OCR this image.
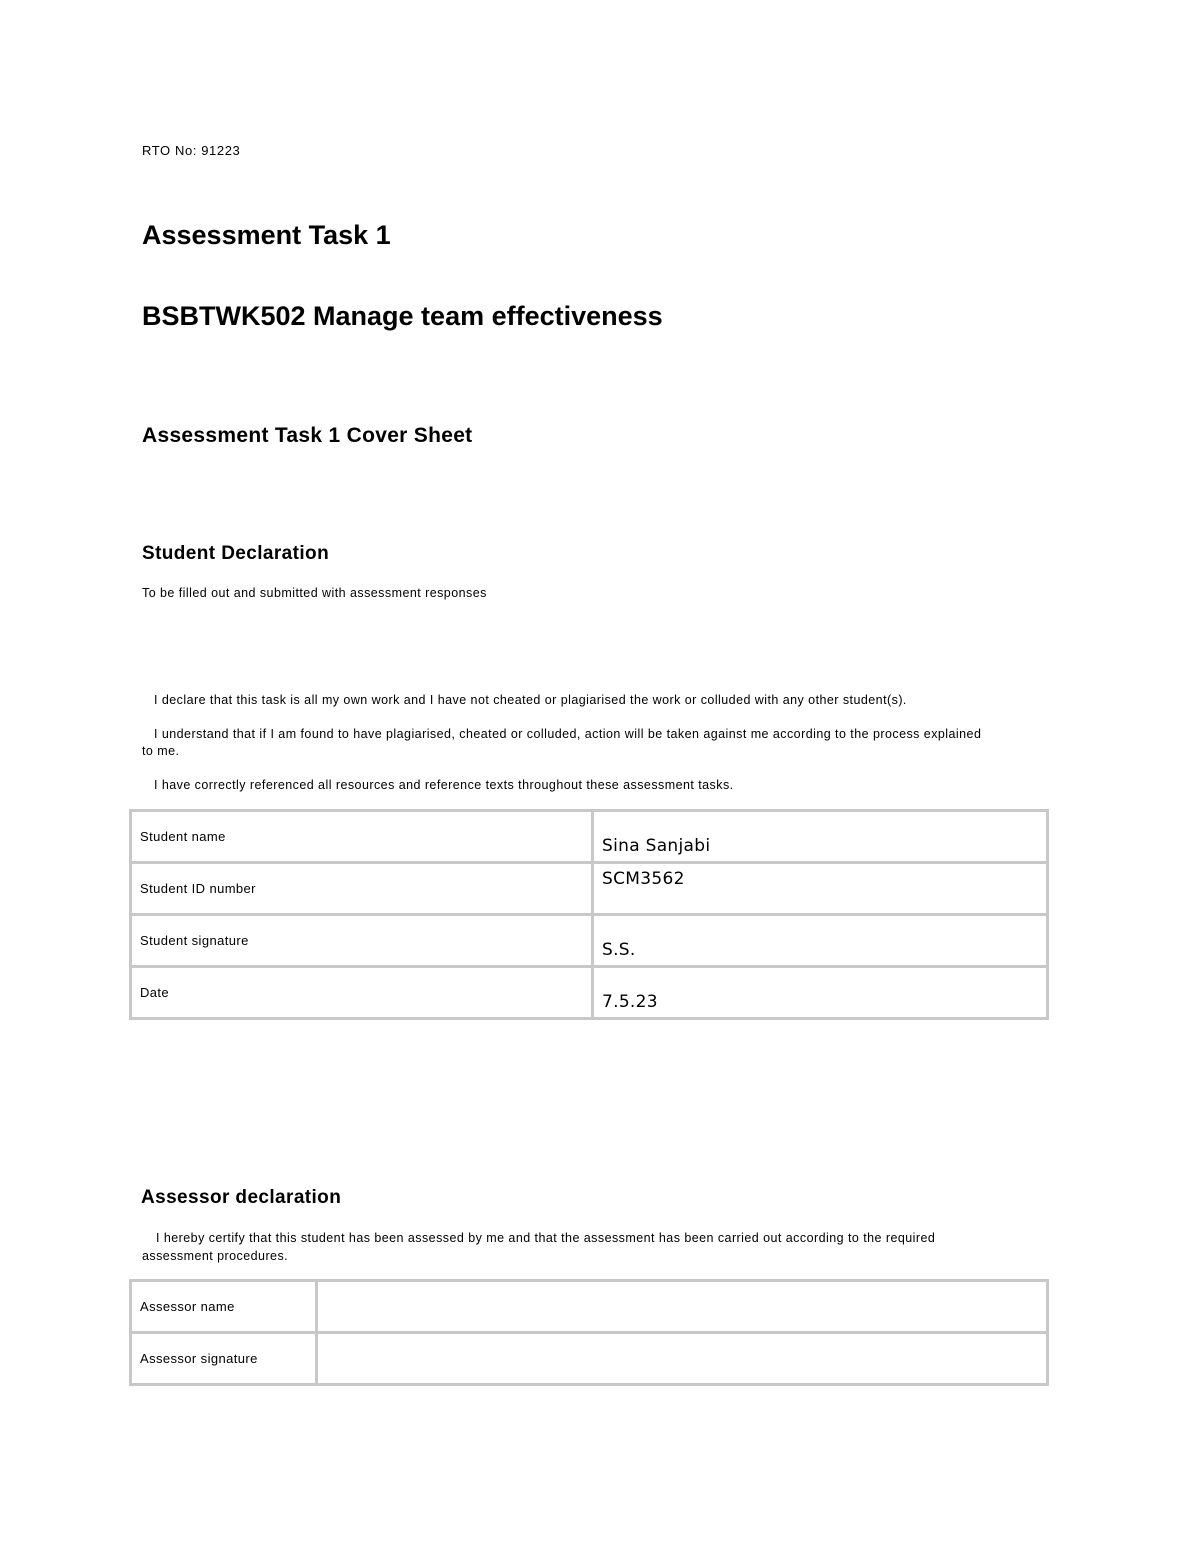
RTO No: 91223
Assessment Task 1
BSBTWK502 Manage team effectiveness
Assessment Task 1 Cover Sheet
Student Declaration
To be filled out and submitted with assessment responses
I declare that this task is all my own work and I have not cheated or plagiarised the work or colluded with any other student(s).
I understand that if I am found to have plagiarised, cheated or colluded, action will be taken against me according to the process explained
to me.
I have correctly referenced all resources and reference texts throughout these assessment tasks.
Student name	Sina Sanjabi

Student ID number	SCM3562

Student signature	S.S.

Date	7.5.23
Assessor declaration
I hereby certify that this student has been assessed by me and that the assessment has been carried out according to the required
assessment procedures.
Assessor name	
Assessor signature	
